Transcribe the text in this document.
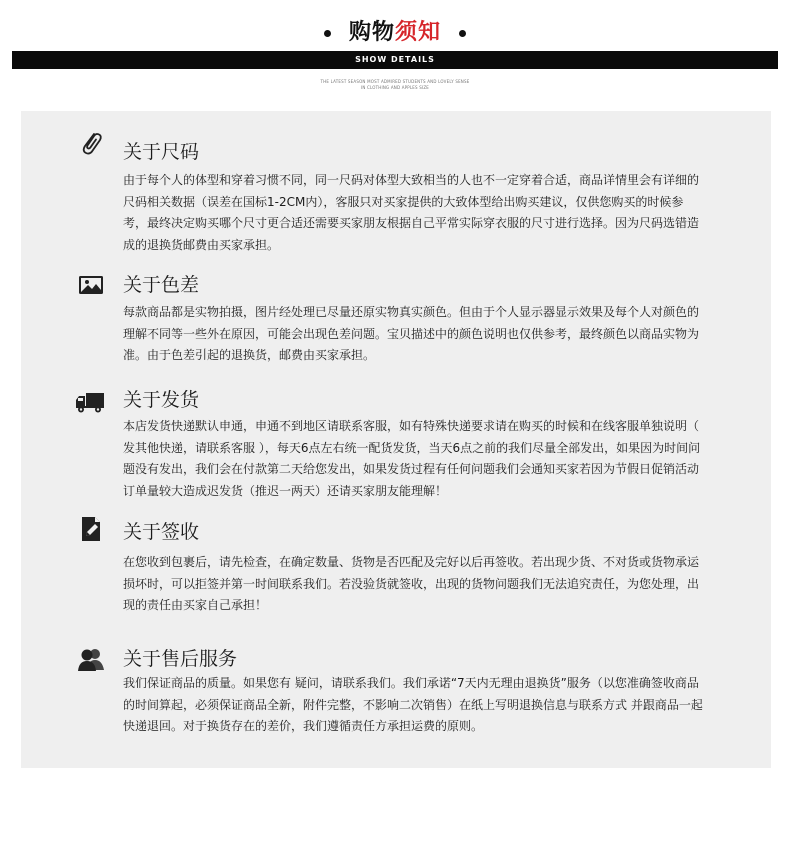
购物须知
SHOW DETAILS
THE LATEST SEASON MOST ADMIRED STUDENTS AND LOVELY SENSE
IN CLOTHING AND APPLES SIZE
关于尺码

由于每个人的体型和穿着习惯不同，同一尺码对体型大致相当的人也不一定穿着合适，商品详情里会有详细的尺码相关数据（误差在国标1-2CM内），客服只对买家提供的大致体型给出购买建议，仅供您购买的时候参考，最终决定购买哪个尺寸更合适还需要买家朋友根据自己平常实际穿衣服的尺寸进行选择。因为尺码选错造成的退换货邮费由买家承担。

关于色差

每款商品都是实物拍摄，图片经处理已尽量还原实物真实颜色。但由于个人显示器显示效果及每个人对颜色的理解不同等一些外在原因，可能会出现色差问题。宝贝描述中的颜色说明也仅供参考，最终颜色以商品实物为准。由于色差引起的退换货，邮费由买家承担。

关于发货

本店发货快递默认申通，申通不到地区请联系客服，如有特殊快递要求请在购买的时候和在线客服单独说明（ 发其他快递，请联系客服 ），每天6点左右统一配货发货，当天6点之前的我们尽量全部发出，如果因为时间问题没有发出，我们会在付款第二天给您发出，如果发货过程有任何问题我们会通知买家若因为节假日促销活动订单量较大造成迟发货（推迟一两天）还请买家朋友能理解！

关于签收

在您收到包裹后，请先检查，在确定数量、货物是否匹配及完好以后再签收。若出现少货、不对货或货物承运损坏时，可以拒签并第一时间联系我们。若没验货就签收，出现的货物问题我们无法追究责任，为您处理，出现的责任由买家自己承担！

关于售后服务

我们保证商品的质量。如果您有 疑问，请联系我们。我们承诺“7天内无理由退换货”服务（以您准确签收商品的时间算起，必须保证商品全新，附件完整，不影响二次销售）在纸上写明退换信息与联系方式 并跟商品一起快递退回。对于换货存在的差价，我们遵循责任方承担运费的原则。
